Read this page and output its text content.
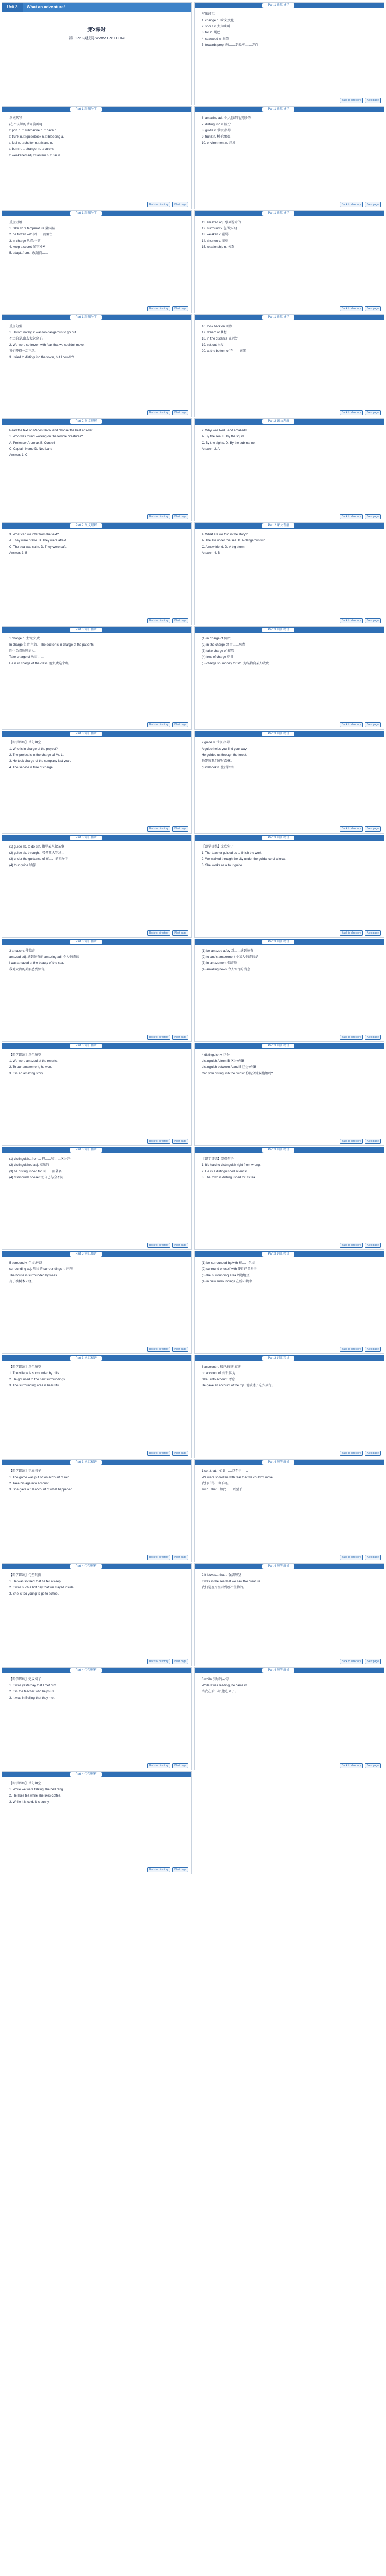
Unit 3	What an adventure!
第2课时
第一PPT模板网-WWW.1PPT.COM
Part 1 新知导学

写出词汇

1. change n. 零钱;变化

2. shout v. 大声喊叫

3. tail n. 尾巴

4. seaweed n. 海草

5. towards prep. 向……走去;朝……方向

Back to directory	Next page
Part 1 新知导学

单词默写

(在不认识的单词前画×)

□ port n. □ submarine n. □ cave n.

□ trunk n. □ guidebook n. □ bleeding a.

□ fuel n. □ shelter n. □ island n.

□ burn n. □ stranger n. □ cure v.

□ weakened adj. □ lantern n. □ tail n.

Back to directory	Next page
Part 1 新知导学

6. amazing adj. 令人惊奇的;美妙的

7. distinguish v. 区分

8. guide v. 带领;指导

9. trunk n. 树干;象鼻

10. environment n. 环境

Back to directory	Next page
Part 1 新知导学

重点短语

1. take sb.'s temperature 量体温

2. be frozen with 因……而僵住

3. in charge 负责;主管

4. keep a secret 保守秘密

5. adapt..from... 改编自……

Back to directory	Next page
Part 1 新知导学

11. amazed adj. 感到惊奇的

12. surround v. 包围;环绕

13. weaken v. 削弱

14. shorten v. 缩短

15. relationship n. 关系

Back to directory	Next page
Part 1 新知导学

重点句型

1. Unfortunately, it was too dangerous to go out.

不幸的是,出去太危险了。

2. We were so frozen with fear that we couldn't move.

我们吓得一动不动。

3. I tried to distinguish the voice, but I couldn't.

Back to directory	Next page
Part 1 新知导学

16. look back on 回顾

17. dream of 梦想

18. in the distance 在远处

19. set out 出发

20. at the bottom of 在……底部

Back to directory	Next page
Part 2 课文理解

Read the text on Pages 36-37 and choose the best answer.

1. Who was found working on the terrible creatures?

A. Professor Aronnax B. Conseil

C. Captain Nemo D. Ned Land

Answer: 1. C

Back to directory	Next page
Part 2 课文理解

2. Why was Ned Land amazed?

A. By the sea. B. By the squid.

C. By the sights. D. By the submarine.

Answer: 2. A

Back to directory	Next page
Part 2 课文理解

3. What can we infer from the text?

A. They were brave. B. They were afraid.

C. The sea was calm. D. They were safe.

Answer: 3. B

Back to directory	Next page
Part 2 课文理解

4. What are we told in the story?

A. The life under the sea. B. A dangerous trip.

C. A new friend. D. A big storm.

Answer: 4. B

Back to directory	Next page
Part 3 词汇精讲

1 charge n. 主管;负责

In charge 负责;主管。The doctor is in charge of the patients.

医生负责照顾病人。

Take charge of 负责……

He is in charge of the class. 他负责这个班。

Back to directory	Next page
Part 3 词汇精讲

(1) in charge of 负责

(2) in the charge of 由……负责

(3) take charge of 接管

(4) free of charge 免费

(5) charge sb. money for sth. 为某物向某人收费

Back to directory	Next page
Part 3 词汇精讲

【即学即练】单句填空

1. Who is in charge of the project?

2. The project is in the charge of Mr. Li.

3. He took charge of the company last year.

4. The service is free of charge.

Back to directory	Next page
Part 3 词汇精讲

2 guide v. 带领;指导

A guide helps you find your way.

He guided us through the forest.

他带领我们穿过森林。

guidebook n. 旅行指南

Back to directory	Next page
Part 3 词汇精讲

(1) guide sb. to do sth. 指导某人做某事

(2) guide sb. through... 带领某人穿过……

(3) under the guidance of 在……的指导下

(4) tour guide 导游

Back to directory	Next page
Part 3 词汇精讲

【即学即练】完成句子

1. The teacher guided us to finish the work.

2. We walked through the city under the guidance of a local.

3. She works as a tour guide.

Back to directory	Next page
Part 3 词汇精讲

3 amaze v. 使惊奇

amazed adj. 感到惊奇的 amazing adj. 令人惊奇的

I was amazed at the beauty of the sea.

我对大海的美丽感到惊奇。

Back to directory	Next page
Part 3 词汇精讲

(1) be amazed at/by 对……感到惊奇

(2) to one's amazement 令某人惊奇的是

(3) in amazement 惊奇地

(4) amazing news 令人惊奇的消息

Back to directory	Next page
Part 3 词汇精讲

【即学即练】单句填空

1. We were amazed at the results.

2. To our amazement, he won.

3. It is an amazing story.

Back to directory	Next page
Part 3 词汇精讲

4 distinguish v. 区分

distinguish A from B 区分A和B

distinguish between A and B 区分A和B

Can you distinguish the twins? 你能分辨双胞胎吗?

Back to directory	Next page
Part 3 词汇精讲

(1) distinguish...from... 把……和……区分开

(2) distinguished adj. 杰出的

(3) be distinguished for 因……而著名

(4) distinguish oneself 使自己与众不同

Back to directory	Next page
Part 3 词汇精讲

【即学即练】完成句子

1. It's hard to distinguish right from wrong.

2. He is a distinguished scientist.

3. The town is distinguished for its tea.

Back to directory	Next page
Part 3 词汇精讲

5 surround v. 包围;环绕

surrounding adj. 周围的 surroundings n. 环境

The house is surrounded by trees.

房子被树木环绕。

Back to directory	Next page
Part 3 词汇精讲

(1) be surrounded by/with 被……包围

(2) surround oneself with 使自己置身于

(3) the surrounding area 周边地区

(4) in new surroundings 在新环境中

Back to directory	Next page
Part 3 词汇精讲

【即学即练】单句填空

1. The village is surrounded by hills.

2. He got used to the new surroundings.

3. The surrounding area is beautiful.

Back to directory	Next page
Part 3 词汇精讲

6 account n. 账户;描述;叙述

on account of 由于;因为

take...into account 考虑……

He gave an account of the trip. 他描述了这次旅行。

Back to directory	Next page
Part 3 词汇精讲

【即学即练】完成句子

1. The game was put off on account of rain.

2. Take his age into account.

3. She gave a full account of what happened.

Back to directory	Next page
Part 4 句型解析

1 so...that... 如此……以至于……

We were so frozen with fear that we couldn't move.

我们吓得一动不动。

such...that... 如此……以至于……

Back to directory	Next page
Part 4 句型解析

【即学即练】句型转换

1. He was so tired that he fell asleep.

2. It was such a hot day that we stayed inside.

3. She is too young to go to school.

Back to directory	Next page
Part 4 句型解析

2 It is/was... that... 强调句型

It was in the sea that we saw the creature.

我们是在海里看到那个生物的。

Back to directory	Next page
Part 4 句型解析

【即学即练】完成句子

1. It was yesterday that I met him.

2. It is the teacher who helps us.

3. It was in Beijing that they met.

Back to directory	Next page
Part 4 句型解析

3 while 引导的从句

While I was reading, he came in.

当我在看书时,他进来了。

Back to directory	Next page
Part 4 句型解析

【即学即练】单句填空

1. While we were talking, the bell rang.

2. He likes tea while she likes coffee.

3. While it is cold, it is sunny.

Back to directory	Next page
